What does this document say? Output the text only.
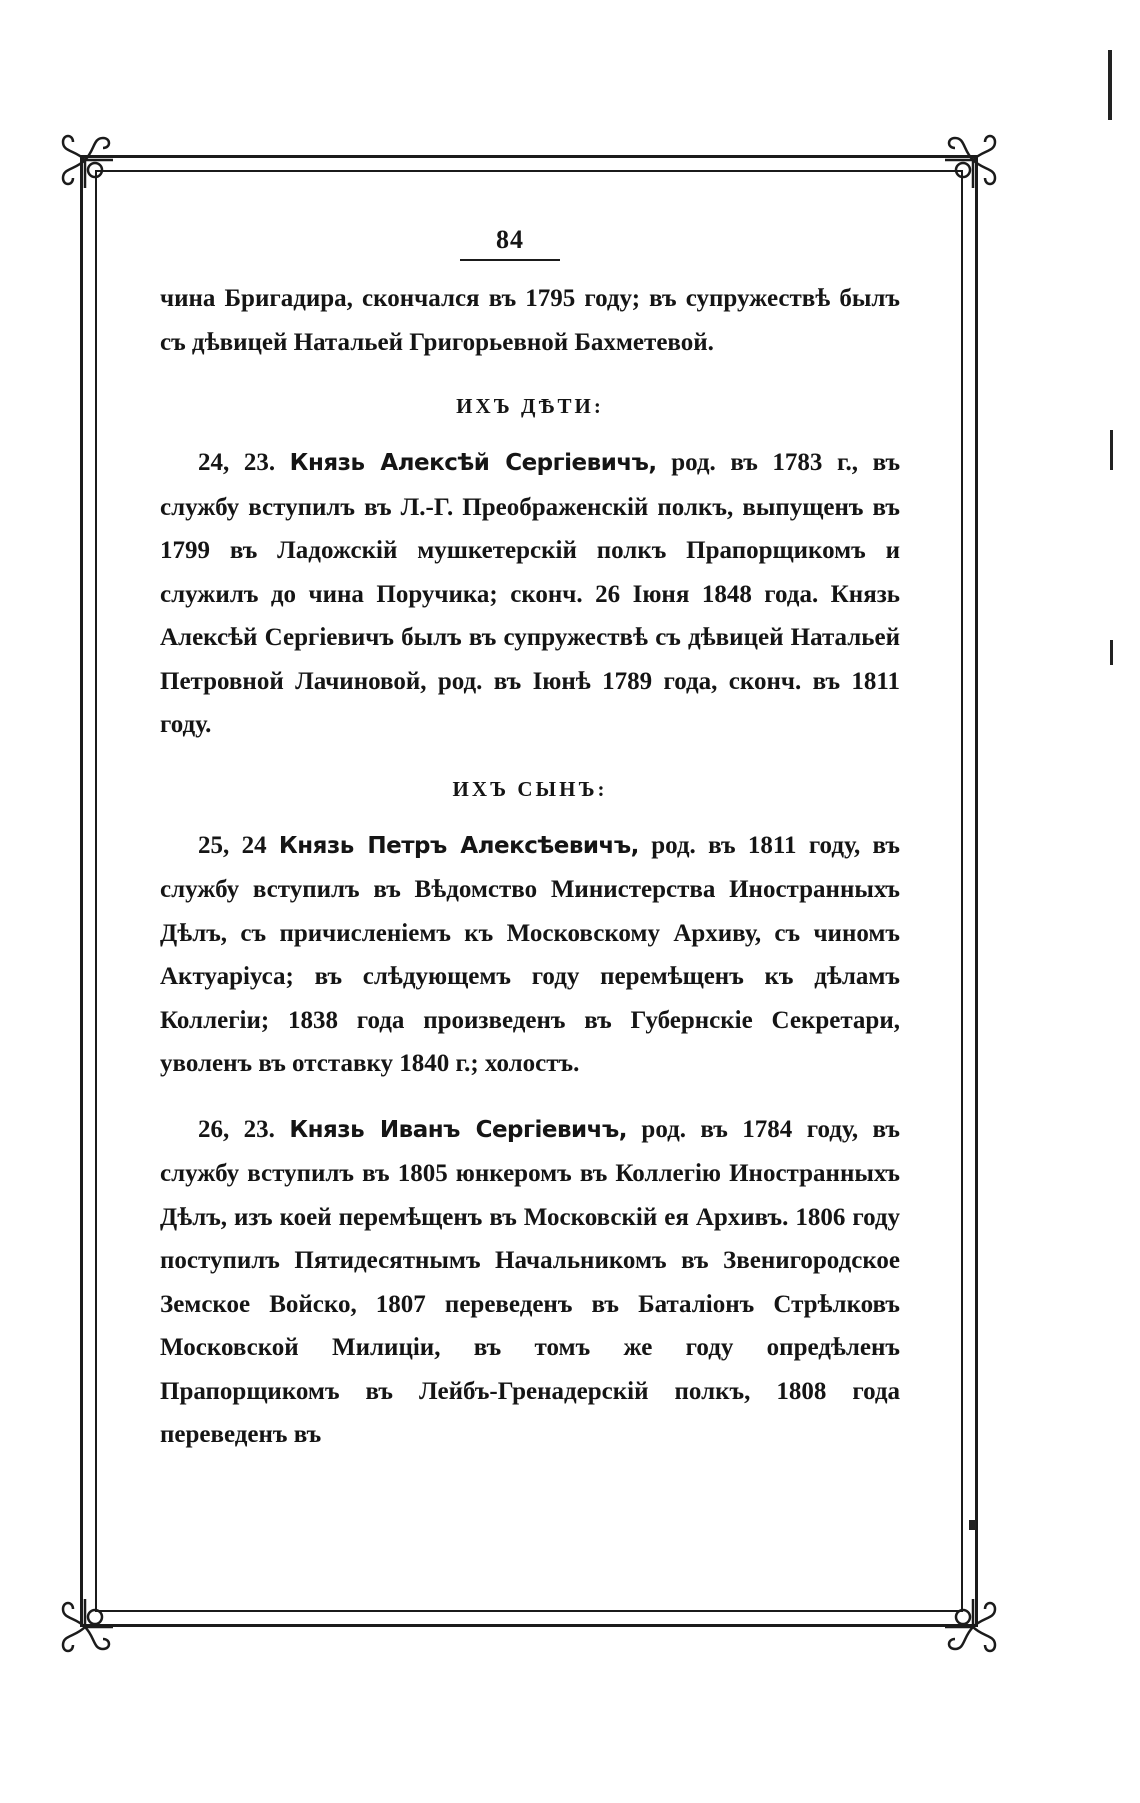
84

чина Бригадира, скончался въ 1795 году; въ супружествѣ былъ съ дѣвицей Натальей Григорьевной Бахметевой.

ИХЪ ДѢТИ:

24, 23. Князь Алексѣй Сергіевичъ, род. въ 1783 г., въ службу вступилъ въ Л.-Г. Преображенскій полкъ, выпущенъ въ 1799 въ Ладожскій мушкетерскій полкъ Прапорщикомъ и служилъ до чина Поручика; сконч. 26 Іюня 1848 года. Князь Алексѣй Сергіевичъ былъ въ супружествѣ съ дѣвицей Натальей Петровной Лачиновой, род. въ Іюнѣ 1789 года, сконч. въ 1811 году.

ИХЪ СЫНЪ:

25, 24 Князь Петръ Алексѣевичъ, род. въ 1811 году, въ службу вступилъ въ Вѣдомство Министерства Иностранныхъ Дѣлъ, съ причисленіемъ къ Московскому Архиву, съ чиномъ Актуаріуса; въ слѣдующемъ году перемѣщенъ къ дѣламъ Коллегіи; 1838 года произведенъ въ Губернскіе Секретари, уволенъ въ отставку 1840 г.; холостъ.

26, 23. Князь Иванъ Сергіевичъ, род. въ 1784 году, въ службу вступилъ въ 1805 юнкеромъ въ Коллегію Иностранныхъ Дѣлъ, изъ коей перемѣщенъ въ Московскій ея Архивъ. 1806 году поступилъ Пятидесятнымъ Начальникомъ въ Звенигородское Земское Войско, 1807 переведенъ въ Баталіонъ Стрѣлковъ Московской Милиціи, въ томъ же году опредѣленъ Прапорщикомъ въ Лейбъ-Гренадерскій полкъ, 1808 года переведенъ въ
